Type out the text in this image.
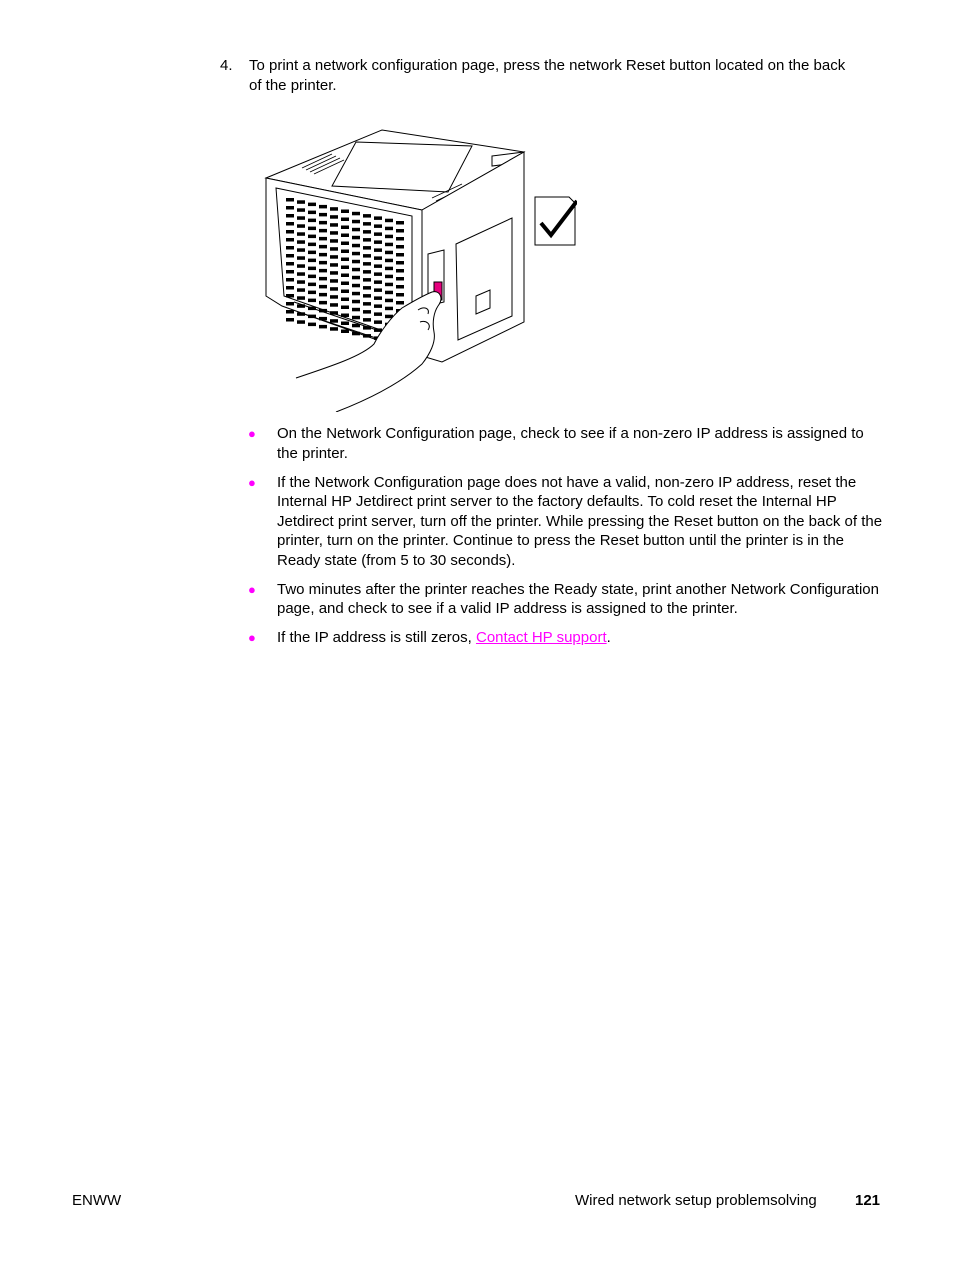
4. To print a network configuration page, press the network Reset button located on the back of the printer.
● On the Network Configuration page, check to see if a non-zero IP address is assigned to the printer.
● If the Network Configuration page does not have a valid, non-zero IP address, reset the Internal HP Jetdirect print server to the factory defaults. To cold reset the Internal HP Jetdirect print server, turn off the printer. While pressing the Reset button on the back of the printer, turn on the printer. Continue to press the Reset button until the printer is in the Ready state (from 5 to 30 seconds).
● Two minutes after the printer reaches the Ready state, print another Network Configuration page, and check to see if a valid IP address is assigned to the printer.
● If the IP address is still zeros, Contact HP support.
ENWW	Wired network setup problemsolving	121
